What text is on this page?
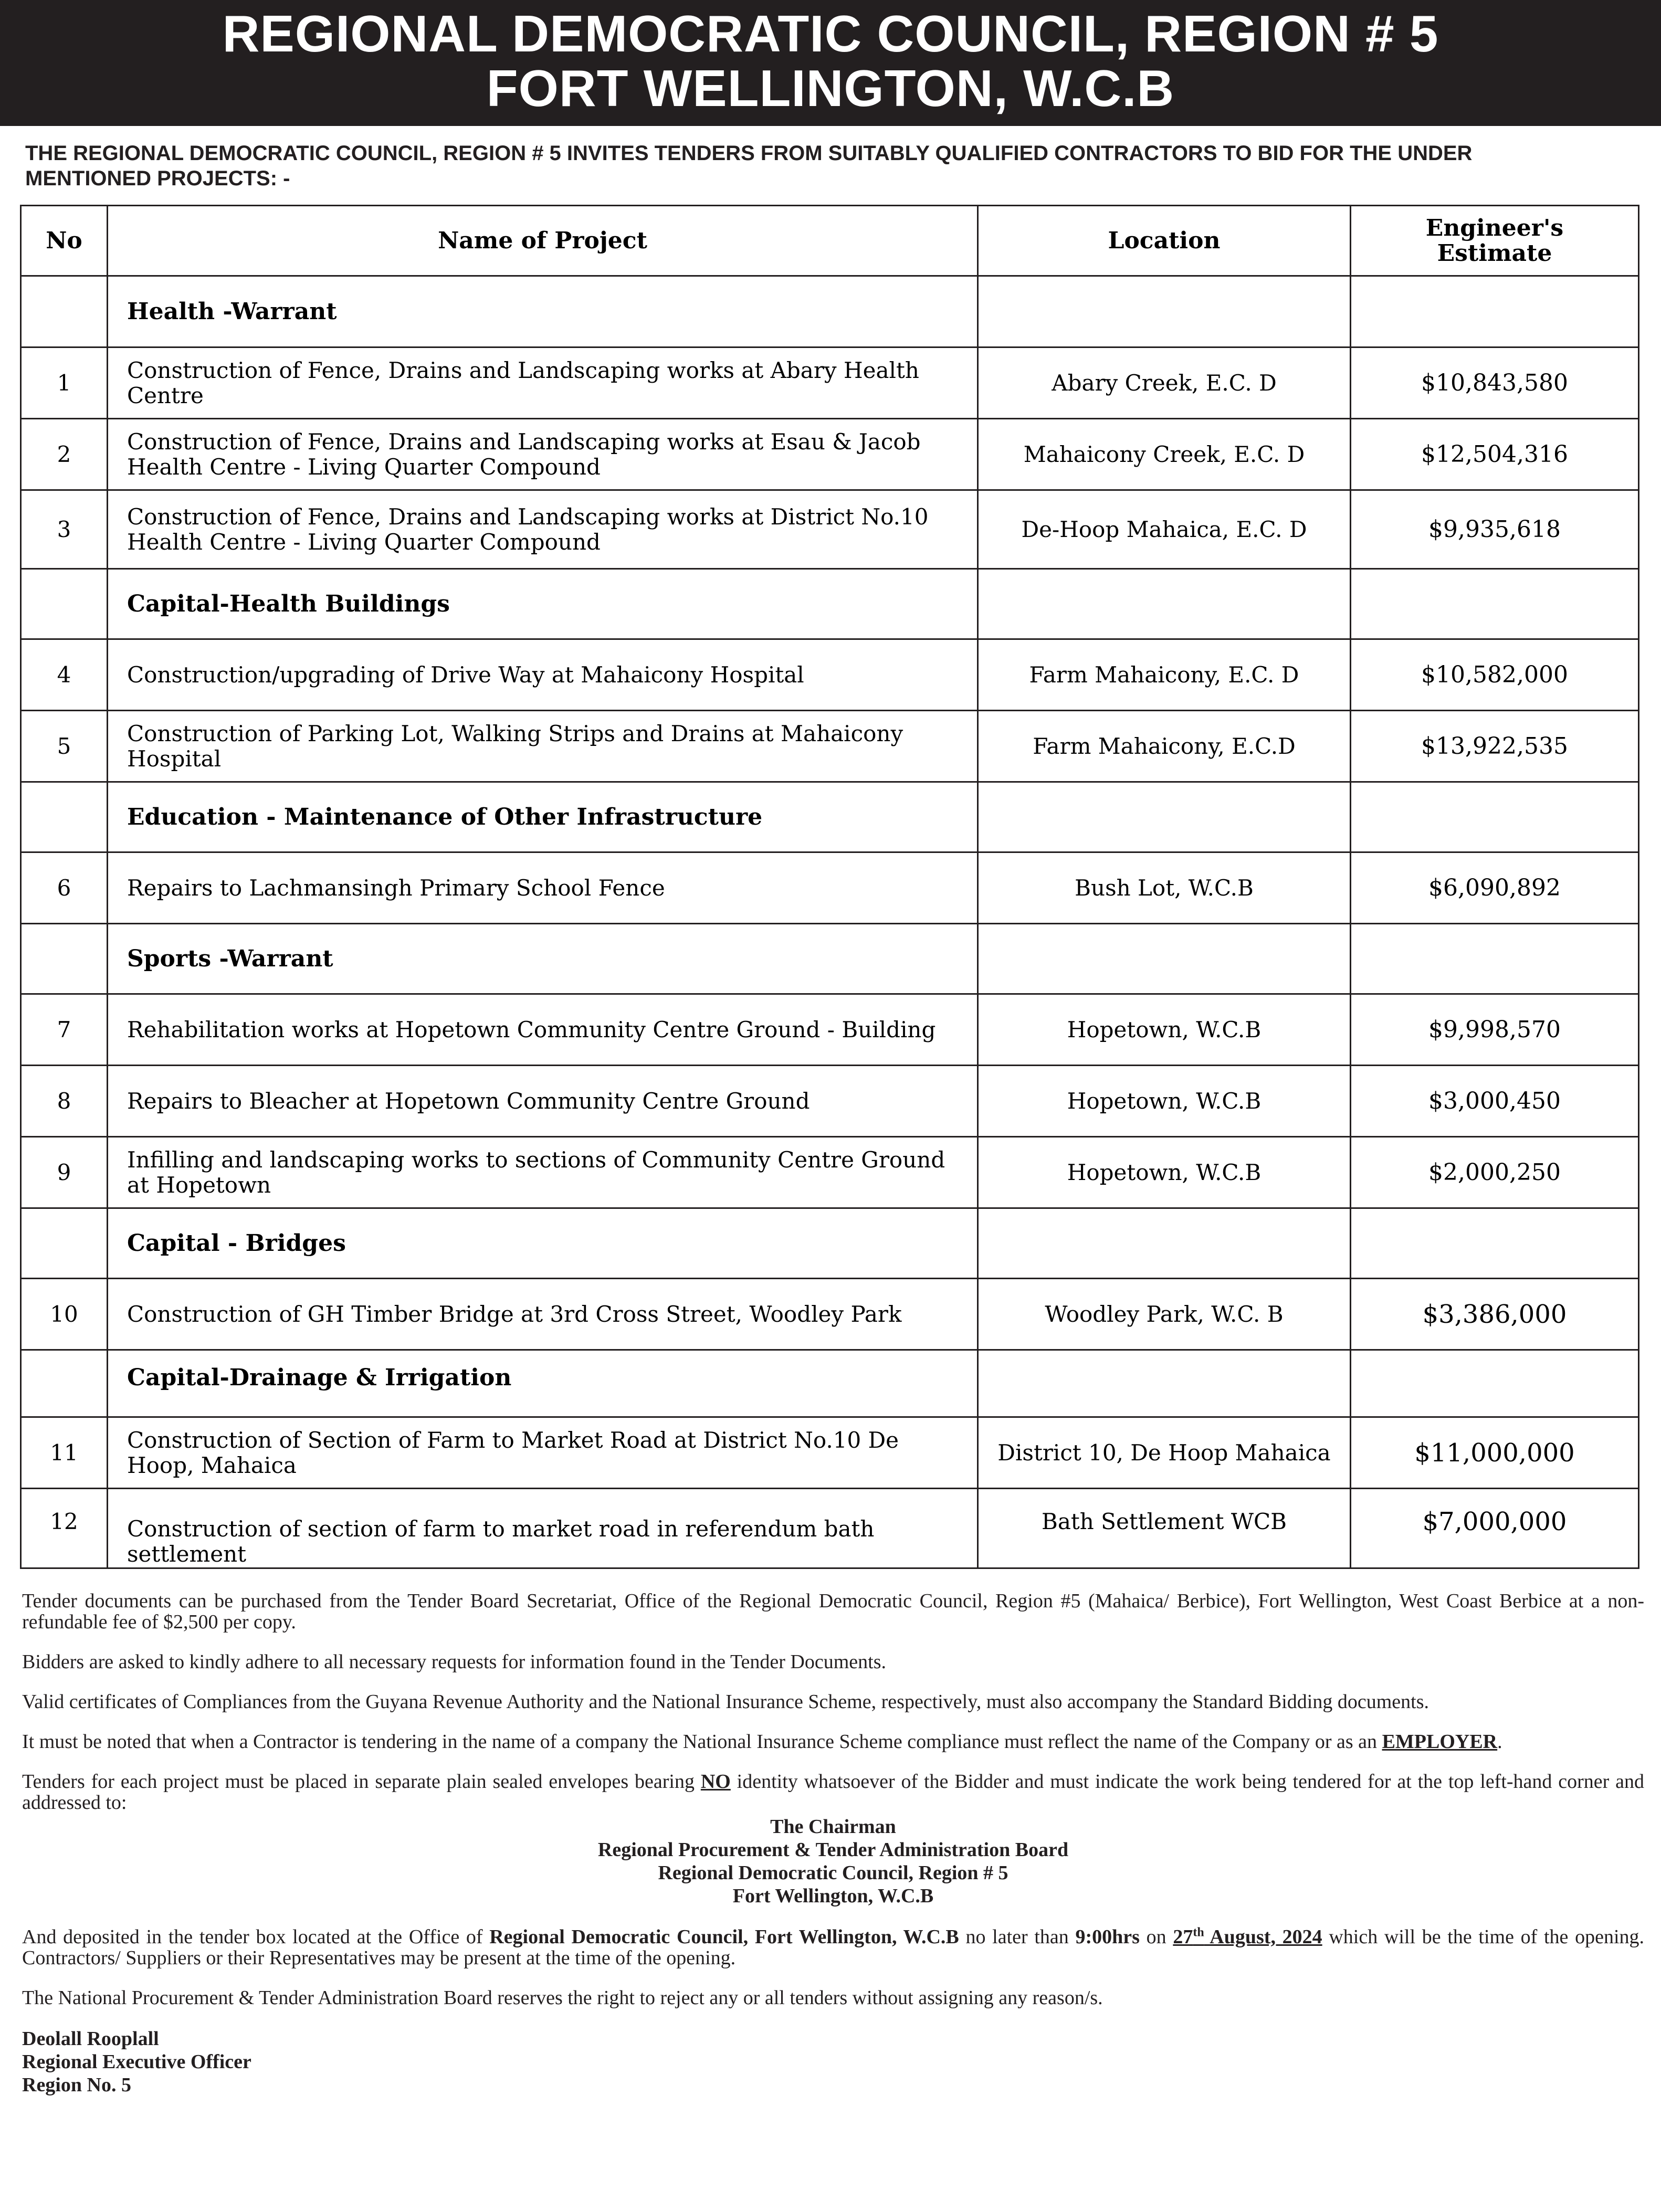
REGIONAL DEMOCRATIC COUNCIL, REGION # 5
FORT WELLINGTON, W.C.B
THE REGIONAL DEMOCRATIC COUNCIL, REGION # 5 INVITES TENDERS FROM SUITABLY QUALIFIED CONTRACTORS TO BID FOR THE UNDER MENTIONED PROJECTS: -
No	Name of Project	Location	Engineer's
Estimate

	Health -Warrant		
1	Construction of Fence, Drains and Landscaping works at Abary Health Centre	Abary Creek, E.C. D	$10,843,580
2	Construction of Fence, Drains and Landscaping works at Esau & Jacob Health Centre - Living Quarter Compound	Mahaicony Creek, E.C. D	$12,504,316
3	Construction of Fence, Drains and Landscaping works at District No.10 Health Centre - Living Quarter Compound	De-Hoop Mahaica, E.C. D	$9,935,618
	Capital-Health Buildings		
4	Construction/upgrading of Drive Way at Mahaicony Hospital	Farm Mahaicony, E.C. D	$10,582,000
5	Construction of Parking Lot, Walking Strips and Drains at Mahaicony Hospital	Farm Mahaicony, E.C.D	$13,922,535
	Education - Maintenance of Other Infrastructure		
6	Repairs to Lachmansingh Primary School Fence	Bush Lot, W.C.B	$6,090,892
	Sports -Warrant		
7	Rehabilitation works at Hopetown Community Centre Ground - Building	Hopetown, W.C.B	$9,998,570
8	Repairs to Bleacher at Hopetown Community Centre Ground	Hopetown, W.C.B	$3,000,450
9	Infilling and landscaping works to sections of Community Centre Ground at Hopetown	Hopetown, W.C.B	$2,000,250
	Capital - Bridges		
10	Construction of GH Timber Bridge at 3rd Cross Street, Woodley Park	Woodley Park, W.C. B	$3,386,000
	Capital-Drainage & Irrigation		
11	Construction of Section of Farm to Market Road at District No.10 De Hoop, Mahaica	District 10, De Hoop Mahaica	$11,000,000
12	Construction of section of farm to market road in referendum bath settlement	Bath Settlement WCB	$7,000,000

Tender documents can be purchased from the Tender Board Secretariat, Office of the Regional Democratic Council, Region #5 (Mahaica/ Berbice), Fort Wellington, West Coast Berbice at a non- refundable fee of $2,500 per copy.

Bidders are asked to kindly adhere to all necessary requests for information found in the Tender Documents.

Valid certificates of Compliances from the Guyana Revenue Authority and the National Insurance Scheme, respectively, must also accompany the Standard Bidding documents.

It must be noted that when a Contractor is tendering in the name of a company the National Insurance Scheme compliance must reflect the name of the Company or as an EMPLOYER.

Tenders for each project must be placed in separate plain sealed envelopes bearing NO identity whatsoever of the Bidder and must indicate the work being tendered for at the top left-hand corner and addressed to:

The Chairman
Regional Procurement & Tender Administration Board
Regional Democratic Council, Region # 5
Fort Wellington, W.C.B

And deposited in the tender box located at the Office of Regional Democratic Council, Fort Wellington, W.C.B no later than 9:00hrs on 27th August, 2024 which will be the time of the opening. Contractors/ Suppliers or their Representatives may be present at the time of the opening.

The National Procurement & Tender Administration Board reserves the right to reject any or all tenders without assigning any reason/s.

Deolall Rooplall
Regional Executive Officer
Region No. 5
